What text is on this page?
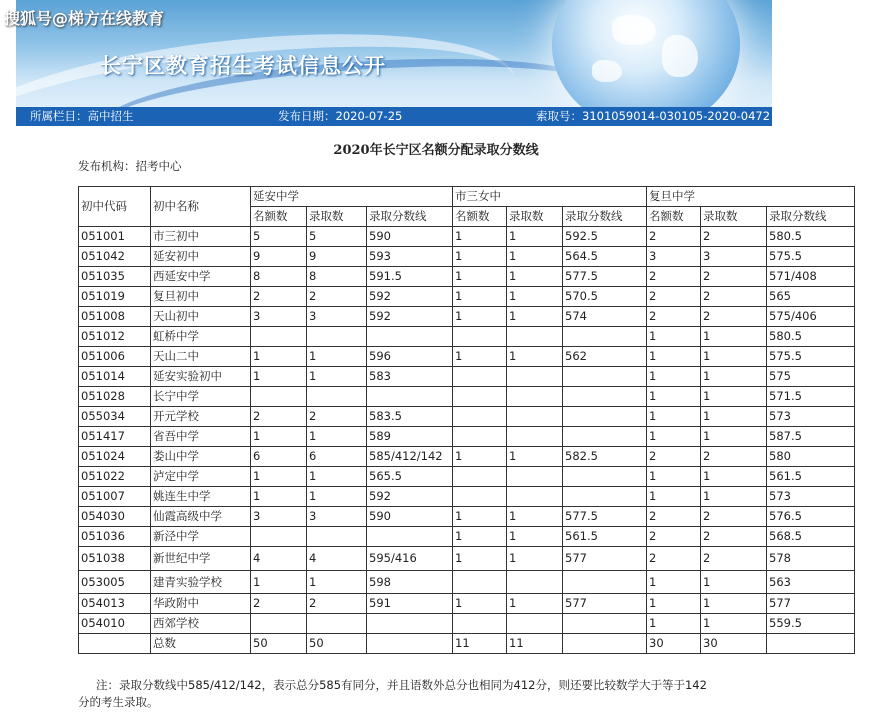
长宁区教育招生考试信息公开
搜狐号@梯方在线教育
所属栏目：高中招生	发布日期：2020-07-25	索取号：3101059014-030105-2020-0472
2020年长宁区名额分配录取分数线
发布机构：招考中心
初中代码	初中名称	延安中学			市三女中			复旦中学		
		名额数	录取数	录取分数线	名额数	录取数	录取分数线	名额数	录取数	录取分数线
051001	市三初中	5	5	590	1	1	592.5	2	2	580.5
051042	延安初中	9	9	593	1	1	564.5	3	3	575.5
051035	西延安中学	8	8	591.5	1	1	577.5	2	2	571/408
051019	复旦初中	2	2	592	1	1	570.5	2	2	565
051008	天山初中	3	3	592	1	1	574	2	2	575/406
051012	虹桥中学							1	1	580.5
051006	天山二中	1	1	596	1	1	562	1	1	575.5
051014	延安实验初中	1	1	583				1	1	575
051028	长宁中学							1	1	571.5
055034	开元学校	2	2	583.5				1	1	573
051417	省吾中学	1	1	589				1	1	587.5
051024	娄山中学	6	6	585/412/142	1	1	582.5	2	2	580
051022	泸定中学	1	1	565.5				1	1	561.5
051007	姚连生中学	1	1	592				1	1	573
054030	仙霞高级中学	3	3	590	1	1	577.5	2	2	576.5
051036	新泾中学				1	1	561.5	2	2	568.5
051038	新世纪中学	4	4	595/416	1	1	577	2	2	578
053005	建青实验学校	1	1	598				1	1	563
054013	华政附中	2	2	591	1	1	577	1	1	577
054010	西郊学校							1	1	559.5
	总数	50	50		11	11		30	30	
注：录取分数线中585/412/142，表示总分585有同分，并且语数外总分也相同为412分，则还要比较数学大于等于142分的考生录取。
